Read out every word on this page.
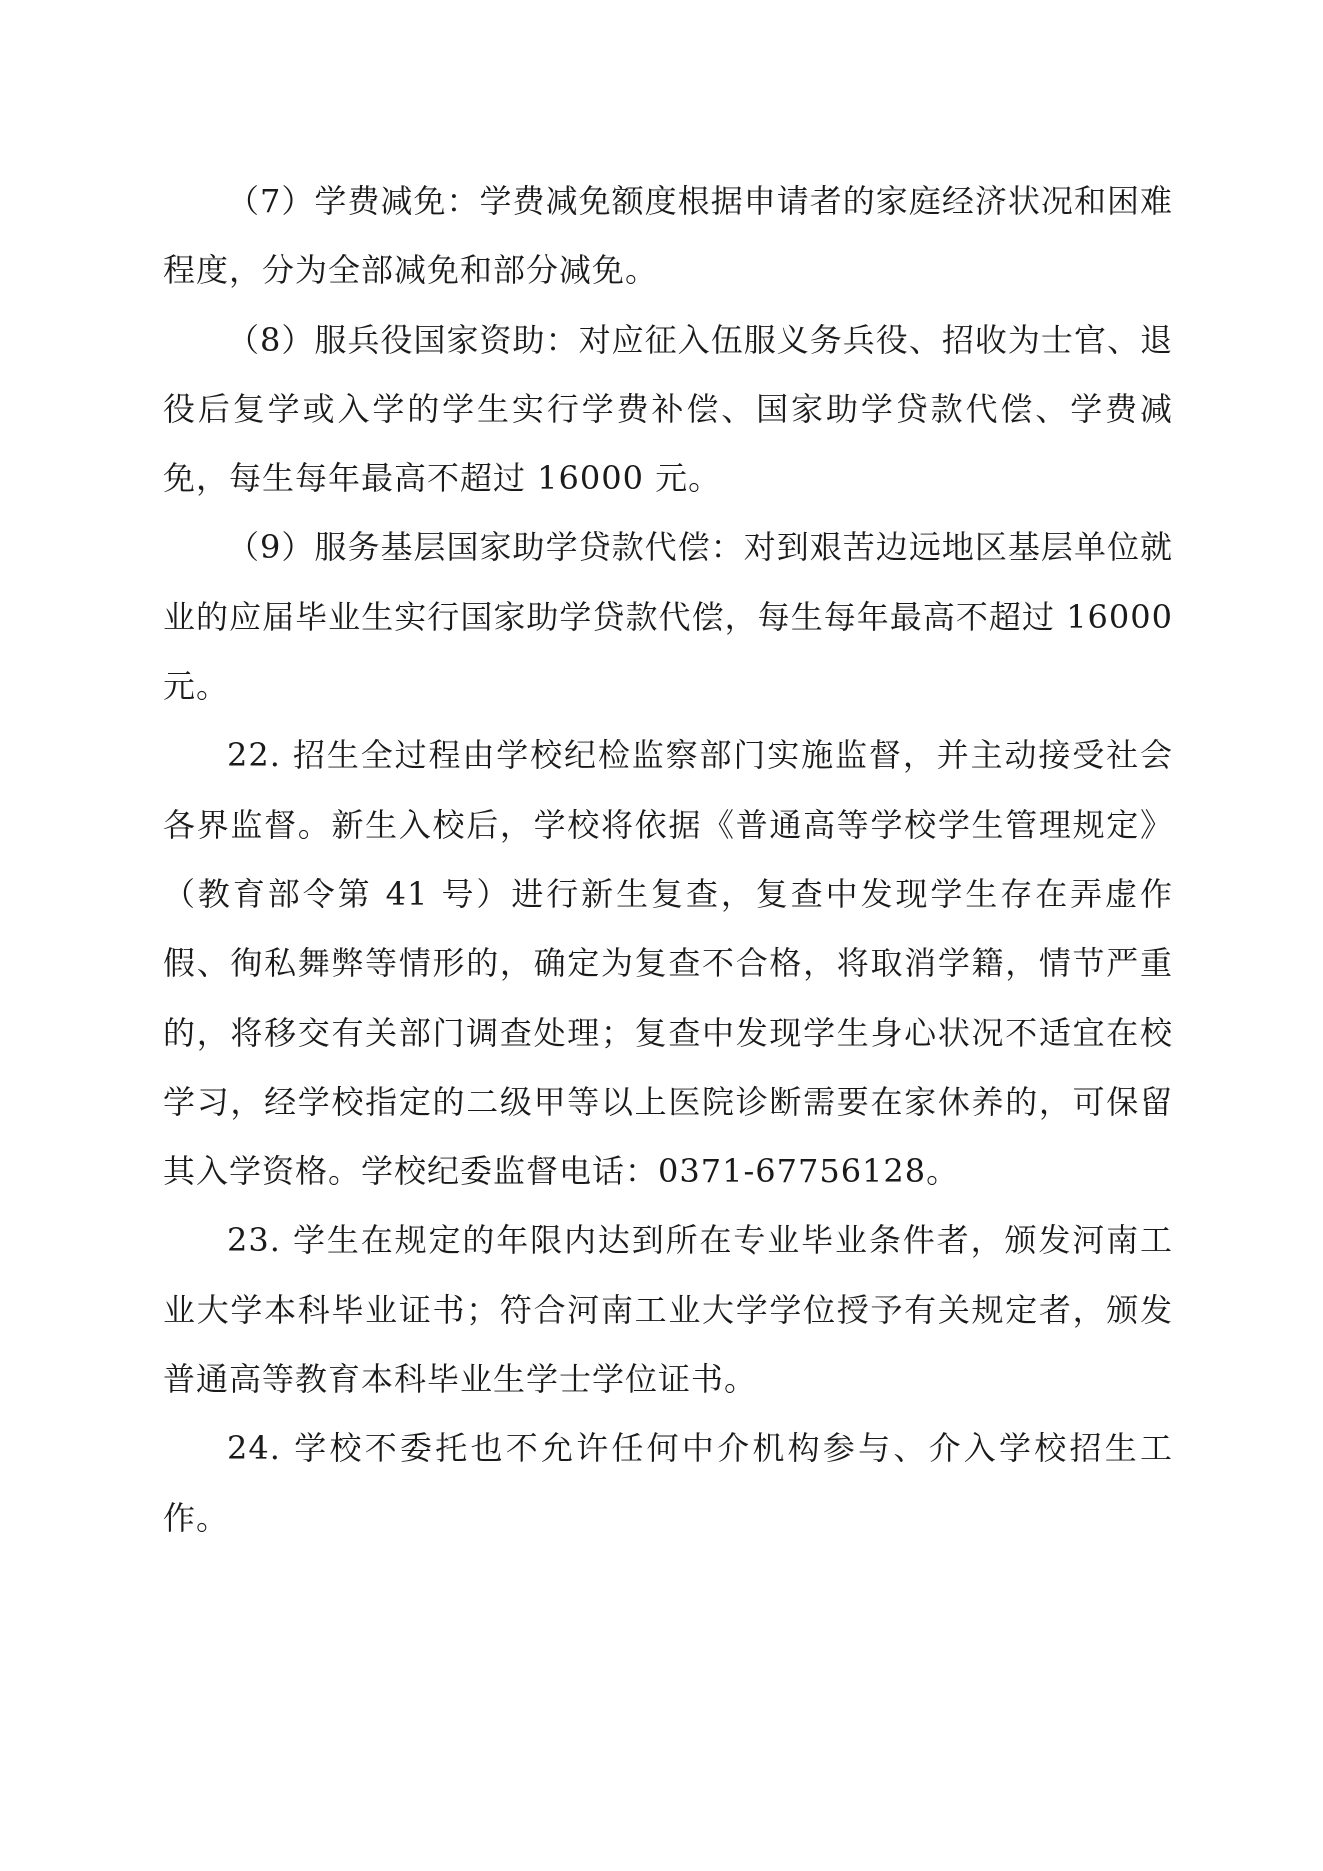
（7）学费减免：学费减免额度根据申请者的家庭经济状况和困难程度，分为全部减免和部分减免。

（8）服兵役国家资助：对应征入伍服义务兵役、招收为士官、退役后复学或入学的学生实行学费补偿、国家助学贷款代偿、学费减免，每生每年最高不超过 16000 元。

（9）服务基层国家助学贷款代偿：对到艰苦边远地区基层单位就业的应届毕业生实行国家助学贷款代偿，每生每年最高不超过 16000 元。

22. 招生全过程由学校纪检监察部门实施监督，并主动接受社会各界监督。新生入校后，学校将依据《普通高等学校学生管理规定》（教育部令第 41 号）进行新生复查，复查中发现学生存在弄虚作假、徇私舞弊等情形的，确定为复查不合格，将取消学籍，情节严重的，将移交有关部门调查处理；复查中发现学生身心状况不适宜在校学习，经学校指定的二级甲等以上医院诊断需要在家休养的，可保留其入学资格。学校纪委监督电话：0371-67756128。

23. 学生在规定的年限内达到所在专业毕业条件者，颁发河南工业大学本科毕业证书；符合河南工业大学学位授予有关规定者，颁发普通高等教育本科毕业生学士学位证书。

24. 学校不委托也不允许任何中介机构参与、介入学校招生工作。
